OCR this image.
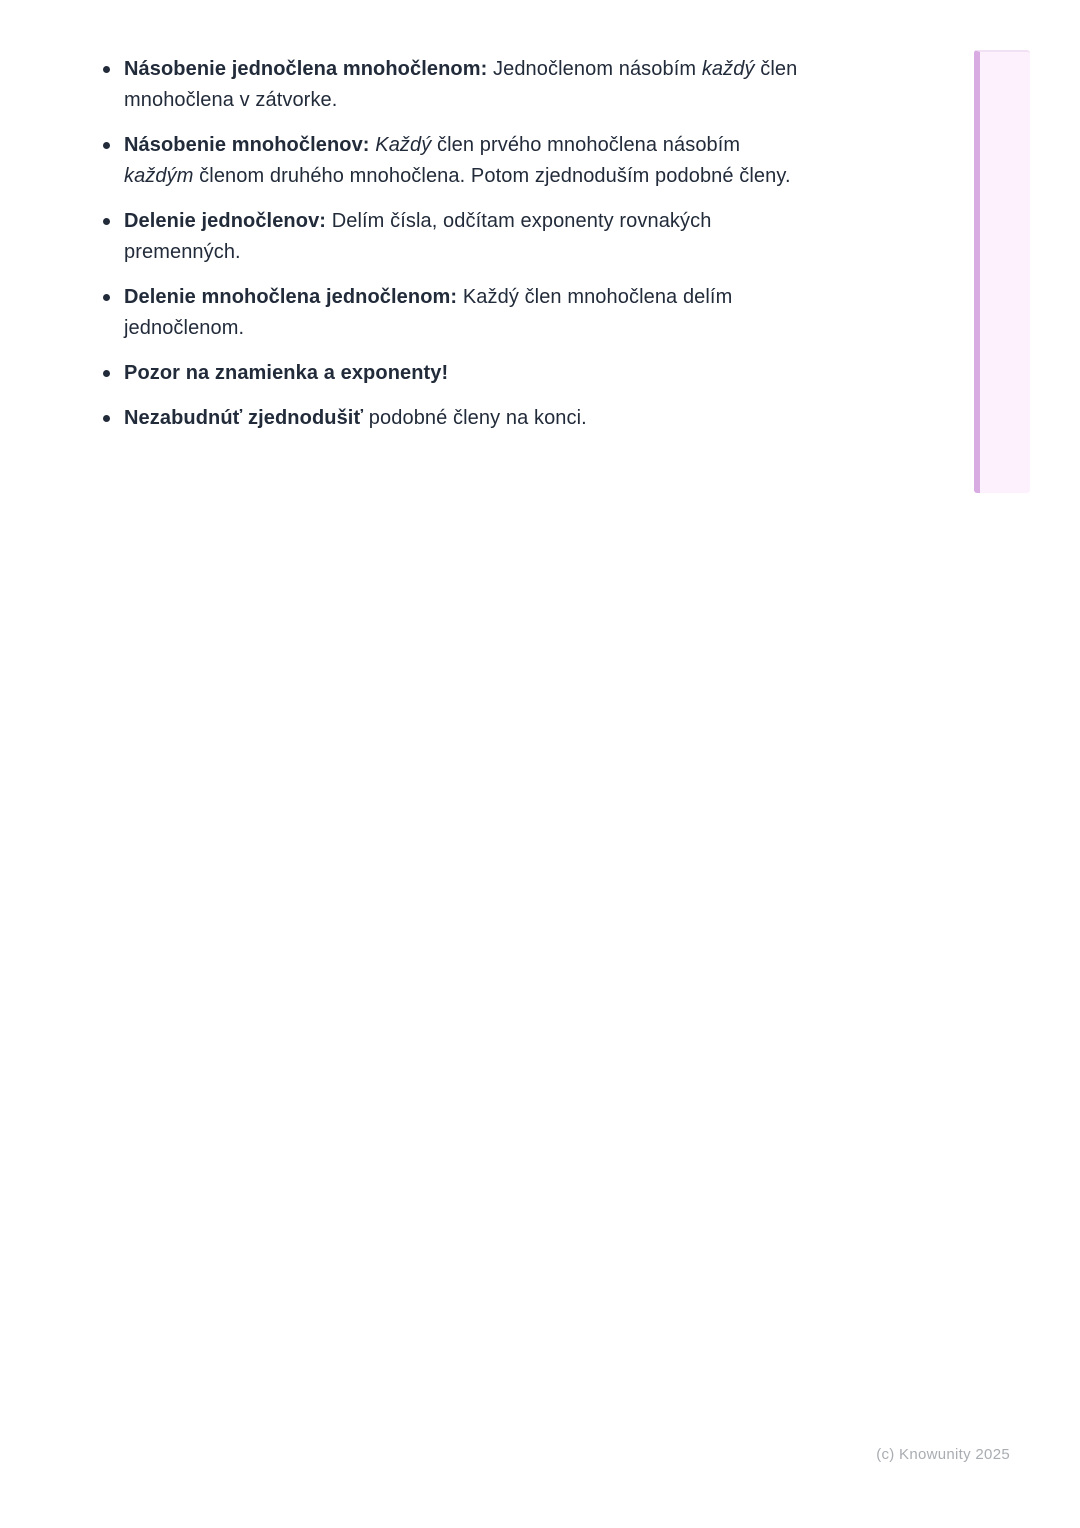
Násobenie jednočlena mnohočlenom: Jednočlenom násobím každý člen
mnohočlena v zátvorke.
Násobenie mnohočlenov: Každý člen prvého mnohočlena násobím
každým členom druhého mnohočlena. Potom zjednoduším podobné členy.
Delenie jednočlenov: Delím čísla, odčítam exponenty rovnakých
premenných.
Delenie mnohočlena jednočlenom: Každý člen mnohočlena delím
jednočlenom.
Pozor na znamienka a exponenty!
Nezabudnúť zjednodušiť podobné členy na konci.
(c) Knowunity 2025
